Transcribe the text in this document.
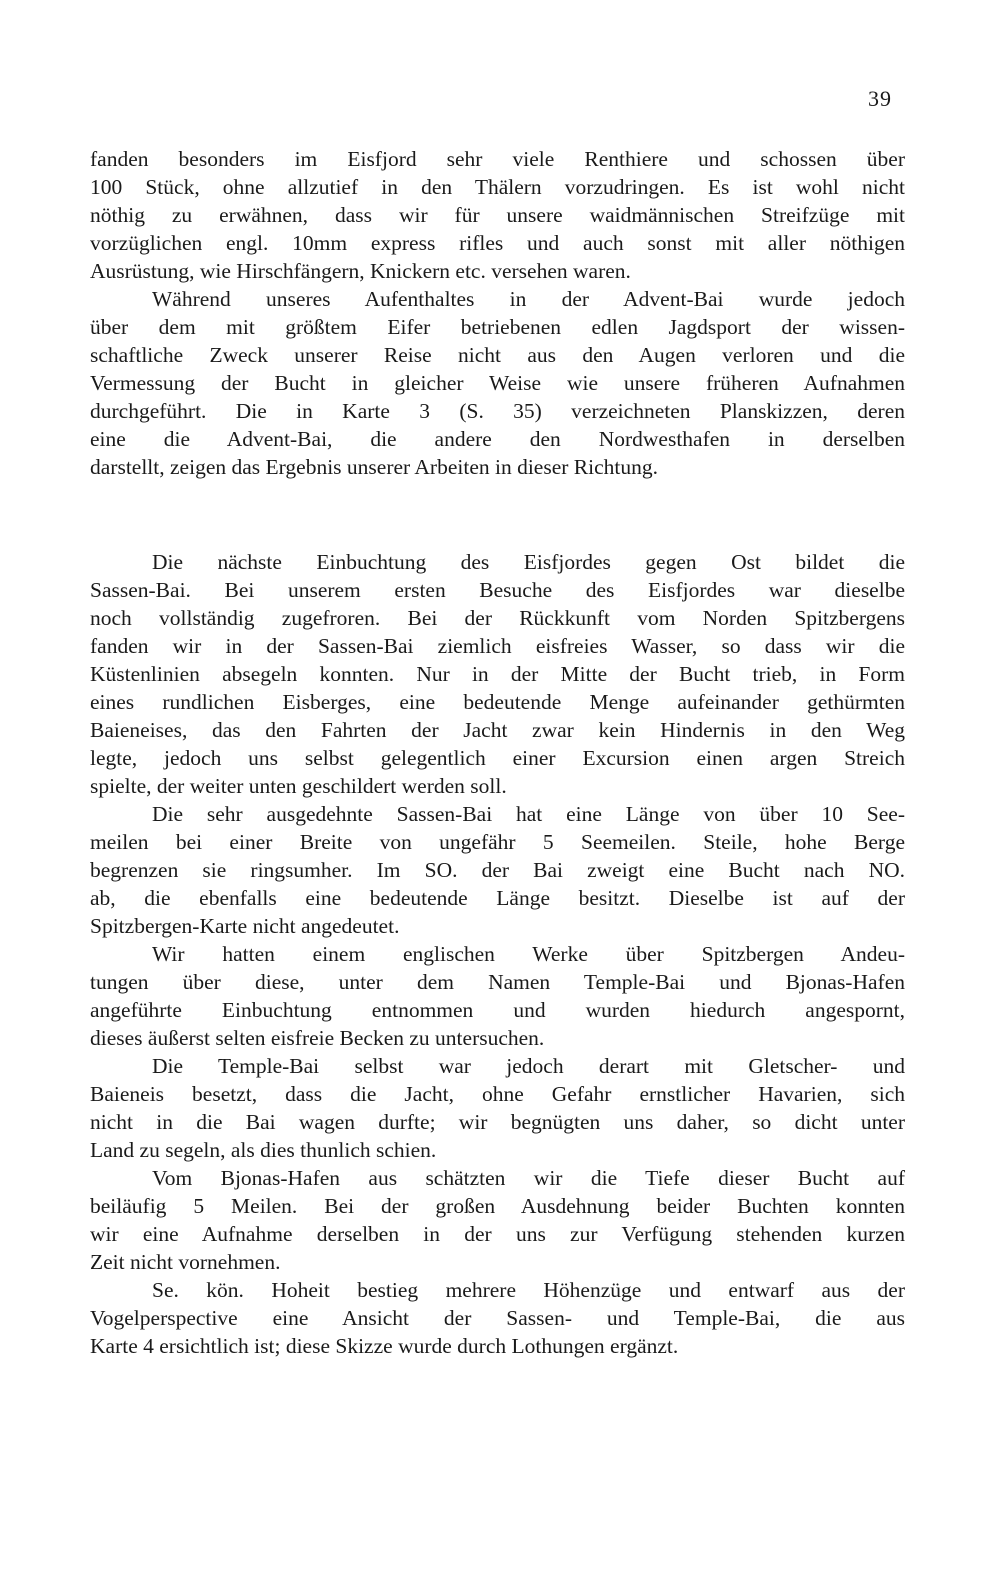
39
fanden besonders im Eisfjord sehr viele Renthiere und schossen über
100 Stück, ohne allzutief in den Thälern vorzudringen. Es ist wohl nicht
nöthig zu erwähnen, dass wir für unsere waidmännischen Streifzüge mit
vorzüglichen engl. 10mm express rifles und auch sonst mit aller nöthigen
Ausrüstung, wie Hirschfängern, Knickern etc. versehen waren.
Während unseres Aufenthaltes in der Advent-Bai wurde jedoch
über dem mit größtem Eifer betriebenen edlen Jagdsport der wissen-
schaftliche Zweck unserer Reise nicht aus den Augen verloren und die
Vermessung der Bucht in gleicher Weise wie unsere früheren Aufnahmen
durchgeführt. Die in Karte 3 (S. 35) verzeichneten Planskizzen, deren
eine die Advent-Bai, die andere den Nordwesthafen in derselben
darstellt, zeigen das Ergebnis unserer Arbeiten in dieser Richtung.
Die nächste Einbuchtung des Eisfjordes gegen Ost bildet die
Sassen-Bai. Bei unserem ersten Besuche des Eisfjordes war dieselbe
noch vollständig zugefroren. Bei der Rückkunft vom Norden Spitzbergens
fanden wir in der Sassen-Bai ziemlich eisfreies Wasser, so dass wir die
Küstenlinien absegeln konnten. Nur in der Mitte der Bucht trieb, in Form
eines rundlichen Eisberges, eine bedeutende Menge aufeinander gethürmten
Baieneises, das den Fahrten der Jacht zwar kein Hindernis in den Weg
legte, jedoch uns selbst gelegentlich einer Excursion einen argen Streich
spielte, der weiter unten geschildert werden soll.
Die sehr ausgedehnte Sassen-Bai hat eine Länge von über 10 See-
meilen bei einer Breite von ungefähr 5 Seemeilen. Steile, hohe Berge
begrenzen sie ringsumher. Im SO. der Bai zweigt eine Bucht nach NO.
ab, die ebenfalls eine bedeutende Länge besitzt. Dieselbe ist auf der
Spitzbergen-Karte nicht angedeutet.
Wir hatten einem englischen Werke über Spitzbergen Andeu-
tungen über diese, unter dem Namen Temple-Bai und Bjonas-Hafen
angeführte Einbuchtung entnommen und wurden hiedurch angespornt,
dieses äußerst selten eisfreie Becken zu untersuchen.
Die Temple-Bai selbst war jedoch derart mit Gletscher- und
Baieneis besetzt, dass die Jacht, ohne Gefahr ernstlicher Havarien, sich
nicht in die Bai wagen durfte; wir begnügten uns daher, so dicht unter
Land zu segeln, als dies thunlich schien.
Vom Bjonas-Hafen aus schätzten wir die Tiefe dieser Bucht auf
beiläufig 5 Meilen. Bei der großen Ausdehnung beider Buchten konnten
wir eine Aufnahme derselben in der uns zur Verfügung stehenden kurzen
Zeit nicht vornehmen.
Se. kön. Hoheit bestieg mehrere Höhenzüge und entwarf aus der
Vogelperspective eine Ansicht der Sassen- und Temple-Bai, die aus
Karte 4 ersichtlich ist; diese Skizze wurde durch Lothungen ergänzt.
